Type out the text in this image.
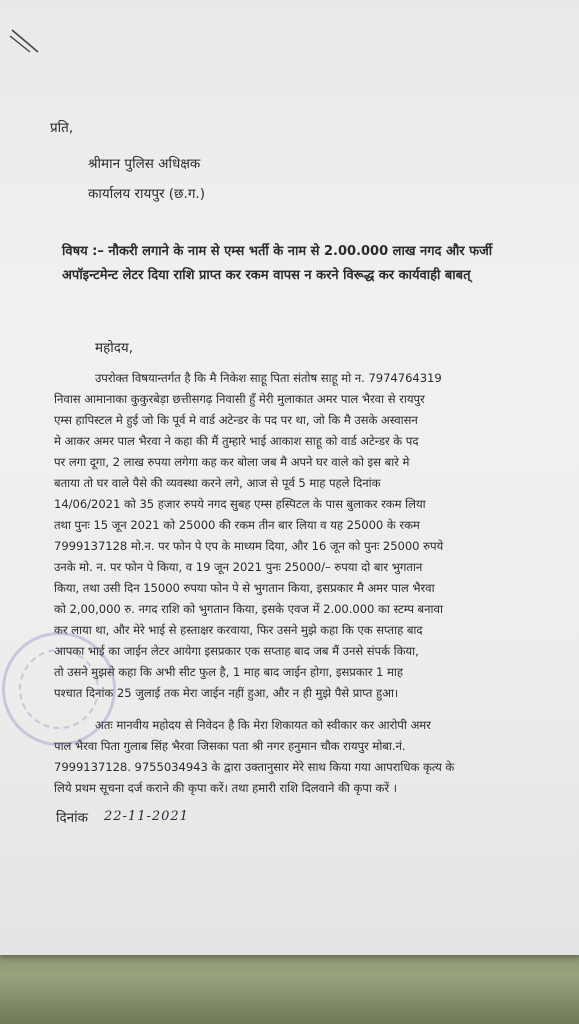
प्रति,
श्रीमान पुलिस अधिक्षक
कार्यालय रायपुर (छ.ग.)
विषय :– नौकरी लगाने के नाम से एम्स भर्ती के नाम से 2.00.000 लाख नगद और फर्जी
अपॉइन्टमेन्ट लेटर दिया राशि प्राप्त कर रकम वापस न करने विरूद्ध कर कार्यवाही बाबत्
महोदय,
उपरोक्त विषयान्तर्गत है कि मै निकेश साहू पिता संतोष साहू मो न. 7974764319
निवास आमानाका कुकुरबेड़ा छत्तीसगढ़ निवासी हुँ मेरी मुलाकात अमर पाल भैरवा से रायपुर
एम्स हापिस्टल मे हुई जो कि पूर्व मे वार्ड अटेन्डर के पद पर था, जो कि मै उसके अस्वासन
मे आकर अमर पाल भैरवा ने कहा की मैं तुम्हारे भाई आकाश साहू को वार्ड अटेन्डर के पद
पर लगा दूगा, 2 लाख रुपया लगेगा कह कर बोला जब मै अपने घर वाले को इस बारे मे
बताया तो घर वाले पैसे की व्यवस्था करने लगे, आज से पूर्व 5 माह पहले दिनांक
14/06/2021 को 35 हजार रुपये नगद सुबह एम्स हस्पिटल के पास बुलाकर रकम लिया
तथा पुनः 15 जून 2021 को 25000 की रकम तीन बार लिया व यह 25000 के रकम
7999137128 मो.न. पर फोन पे एप के माध्यम दिया, और 16 जून को पुनः 25000 रुपये
उनके मो. न. पर फोन पे किया, व 19 जून 2021 पुनः 25000/– रुपया दो बार भुगतान
किया, तथा उसी दिन 15000 रुपया फोन पे से भुगतान किया, इसप्रकार मै अमर पाल भैरवा
को 2,00,000 रु. नगद राशि को भुगतान किया, इसके एवज में 2.00.000 का स्टम्प बनावा
कर लाया था, और मेरे भाई से हस्ताक्षर करवाया, फिर उसने मुझे कहा कि एक सप्ताह बाद
आपका भाई का जाईन लेटर आयेगा इसप्रकार एक सप्ताह बाद जब मैं उनसे संपर्क किया,
तो उसने मुझसे कहा कि अभी सीट फुल है, 1 माह बाद जाईन होगा, इसप्रकार 1 माह
पश्चात दिनांक 25 जुलाई तक मेरा जाईन नहीं हुआ, और न ही मुझे पैसे प्राप्त हुआ।
अतः मानवीय महोदय से निवेदन है कि मेरा शिकायत को स्वीकार कर आरोपी अमर
पाल भैरवा पिता गुलाब सिंह भैरवा जिसका पता श्री नगर हनुमान चौक रायपुर मोबा.नं.
7999137128. 9755034943 के द्वारा उक्तानुसार मेरे साथ किया गया आपराधिक कृत्य के
लिये प्रथम सूचना दर्ज कराने की कृपा करें। तथा हमारी राशि दिलवाने की कृपा करें ।
दिनांक 22-11-2021
